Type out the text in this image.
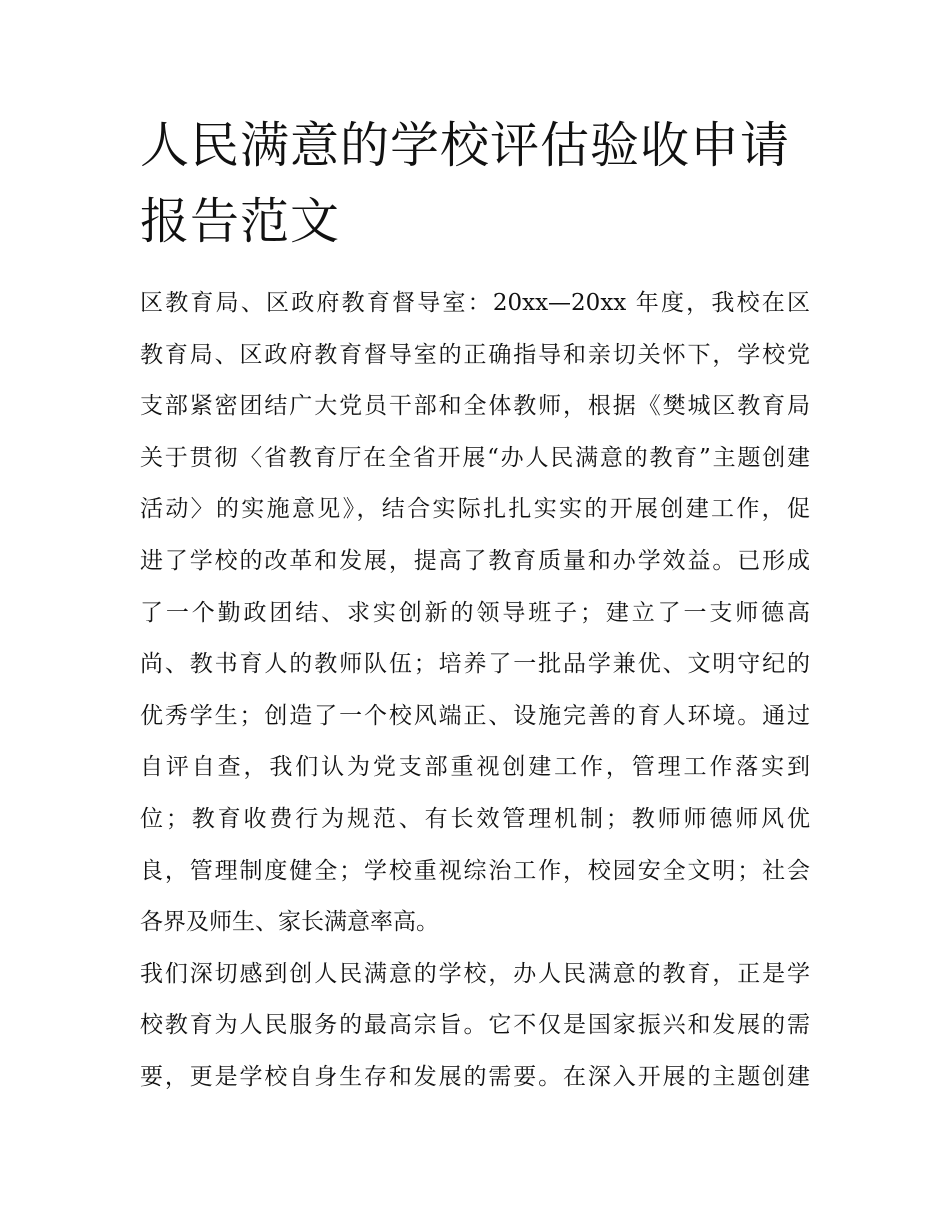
人民满意的学校评估验收申请
报告范文
区教育局、区政府教育督导室：20xx—20xx 年度，我校在区
教育局、区政府教育督导室的正确指导和亲切关怀下，学校党
支部紧密团结广大党员干部和全体教师，根据《樊城区教育局
关于贯彻〈省教育厅在全省开展“办人民满意的教育”主题创建
活动〉的实施意见》，结合实际扎扎实实的开展创建工作，促
进了学校的改革和发展，提高了教育质量和办学效益。已形成
了一个勤政团结、求实创新的领导班子；建立了一支师德高
尚、教书育人的教师队伍；培养了一批品学兼优、文明守纪的
优秀学生；创造了一个校风端正、设施完善的育人环境。通过
自评自查，我们认为党支部重视创建工作，管理工作落实到
位；教育收费行为规范、有长效管理机制；教师师德师风优
良，管理制度健全；学校重视综治工作，校园安全文明；社会
各界及师生、家长满意率高。
我们深切感到创人民满意的学校，办人民满意的教育，正是学
校教育为人民服务的最高宗旨。它不仅是国家振兴和发展的需
要，更是学校自身生存和发展的需要。在深入开展的主题创建
